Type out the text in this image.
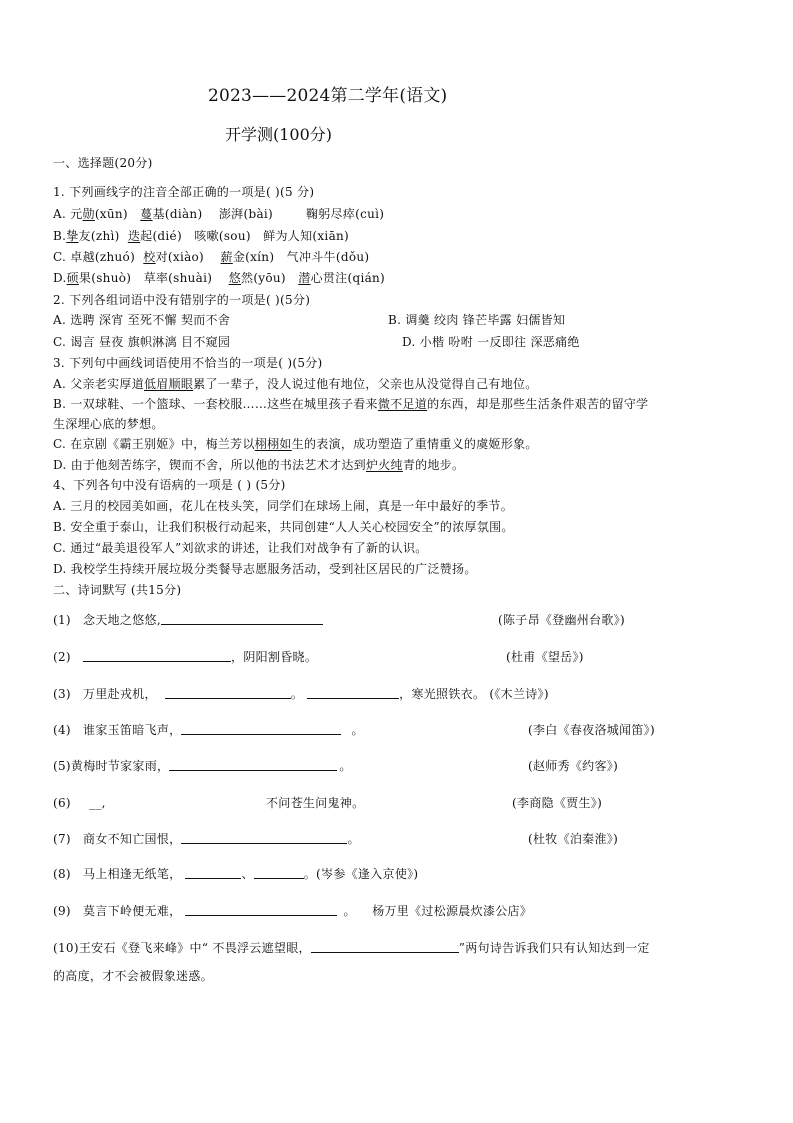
2023——2024第二学年(语文)
开学测(100分)
一、选择题(20分)
1. 下列画线字的注音全部正确的一项是( )(5 分)
A. 元勋(xūn)   蔓基(diàn)    澎湃(bài)        鞠躬尽瘁(cuì)
B.挚友(zhì)  迭起(dié)   咳嗽(sou)   鲜为人知(xiān)
C. 卓越(zhuó)  校对(xiào)    薪金(xín)   气冲斗牛(dǒu)
D.硕果(shuò)   草率(shuài)    悠然(yōu)   潜心贯注(qián)
2. 下列各组词语中没有错别字的一项是( )(5分)
A. 选聘 深宵 至死不懈 契而不舍	B. 调羹 绞肉 锋芒毕露 妇儒皆知
C. 谒言 昼夜 旗帜淋漓 目不窥园	D. 小楷 吩咐 一反即往 深恶痛绝
3. 下列句中画线词语使用不恰当的一项是( )(5分)
A. 父亲老实厚道低眉顺眼累了一辈子，没人说过他有地位，父亲也从没觉得自己有地位。
B. 一双球鞋、一个篮球、一套校服……这些在城里孩子看来微不足道的东西，却是那些生活条件艰苦的留守学
生深埋心底的梦想。
C. 在京剧《霸王别姬》中，梅兰芳以栩栩如生的表演，成功塑造了重情重义的虞姬形象。
D. 由于他刻苦练字，锲而不舍，所以他的书法艺术才达到炉火纯青的地步。
4、下列各句中没有语病的一项是 ( ) (5分)
A. 三月的校园美如画，花儿在枝头笑，同学们在球场上闹，真是一年中最好的季节。
B. 安全重于泰山，让我们积极行动起来，共同创建“人人关心校园安全”的浓厚氛围。
C. 通过“最美退役军人”刘欲求的讲述，让我们对战争有了新的认识。
D. 我校学生持续开展垃圾分类餐导志愿服务活动，受到社区居民的广泛赞扬。
二、诗词默写 (共15分)
(1) 念天地之悠悠,	(陈子昂《登幽州台歌》)
(2)	，阴阳割昏晓。	(杜甫《望岳》)
(3) 万里赴戎机，	。	，寒光照铁衣。 (《木兰诗》)
(4) 谁家玉笛暗飞声，	。	(李白《春夜洛城闻笛》)
(5)黄梅时节家家雨，	。	(赵师秀《约客》)
(6) __,	不问苍生问鬼神。	(李商隐《贾生》)
(7) 商女不知亡国恨，	。	(杜牧《泊秦淮》)
(8) 马上相逢无纸笔，	、	。(岑参《逢入京使》)
(9) 莫言下岭便无难，	。    杨万里《过松源晨炊漆公店》
(10)王安石《登飞来峰》中“ 不畏浮云遮望眼，	”两句诗告诉我们只有认知达到一定
的高度，才不会被假象迷惑。
